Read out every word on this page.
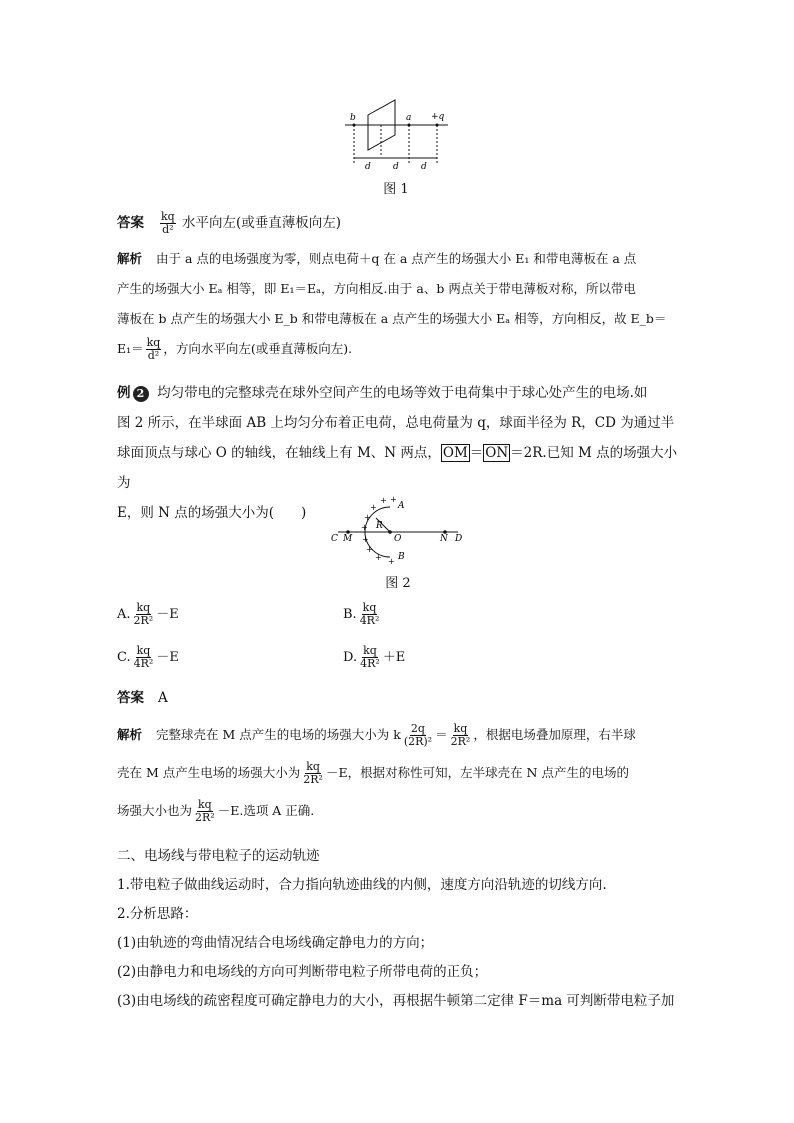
b	a +q
d d d
图 1
答案 $\frac{kq}{\text{d²}}$ 水平向左(或垂直薄板向左)
解析 由于 a 点的电场强度为零，则点电荷＋q 在 a 点产生的场强大小 E₁ 和带电薄板在 a 点
产生的场强大小 Eₐ 相等，即 E₁＝Eₐ，方向相反.由于 a、b 两点关于带电薄板对称，所以带电
薄板在 b 点产生的场强大小 E_b 和带电薄板在 a 点产生的场强大小 Eₐ 相等，方向相反，故 E_b＝
$E_1= \frac{kq}{\text{d²}}$ ，方向水平向左(或垂直薄板向左).
例 2 均匀带电的完整球壳在球外空间产生的电场等效于电荷集中于球心处产生的电场.如
图 2 所示，在半球面 AB 上均匀分布着正电荷，总电荷量为 q，球面半径为 R，CD 为通过半
球面顶点与球心 O 的轴线，在轴线上有 M、N 两点， $\overline{OM} = \overline{ON} =2R$.已知 M 点的场强大小为
E，则 N 点的场强大小为(　　)	+
+ +
+
+
+
+
+ +
A
B
C M	O	N D
R
图 2
A. $\frac{kq}{\text{2R²}} -E$	B. $\frac{kq}{\text{4R²}}$
C. $\frac{kq}{\text{4R²}} -E$	D. $\frac{kq}{\text{4R²}} +E$
答案 A
解析 完整球壳在 M 点产生的电场的场强大小为 k $\frac{2q}{\text{(2R)²}} = \frac{kq}{\text{2R²}}$ ，根据电场叠加原理，右半球
壳在 M 点产生电场的场强大小为 $\frac{kq}{\text{2R²}} -E$，根据对称性可知，左半球壳在 N 点产生的电场的
场强大小也为 $\frac{kq}{\text{2R²}} -E$.选项 A 正确.
二、电场线与带电粒子的运动轨迹
1.带电粒子做曲线运动时，合力指向轨迹曲线的内侧，速度方向沿轨迹的切线方向.
2.分析思路：
(1)由轨迹的弯曲情况结合电场线确定静电力的方向；
(2)由静电力和电场线的方向可判断带电粒子所带电荷的正负；
(3)由电场线的疏密程度可确定静电力的大小，再根据牛顿第二定律 F＝ma 可判断带电粒子加
